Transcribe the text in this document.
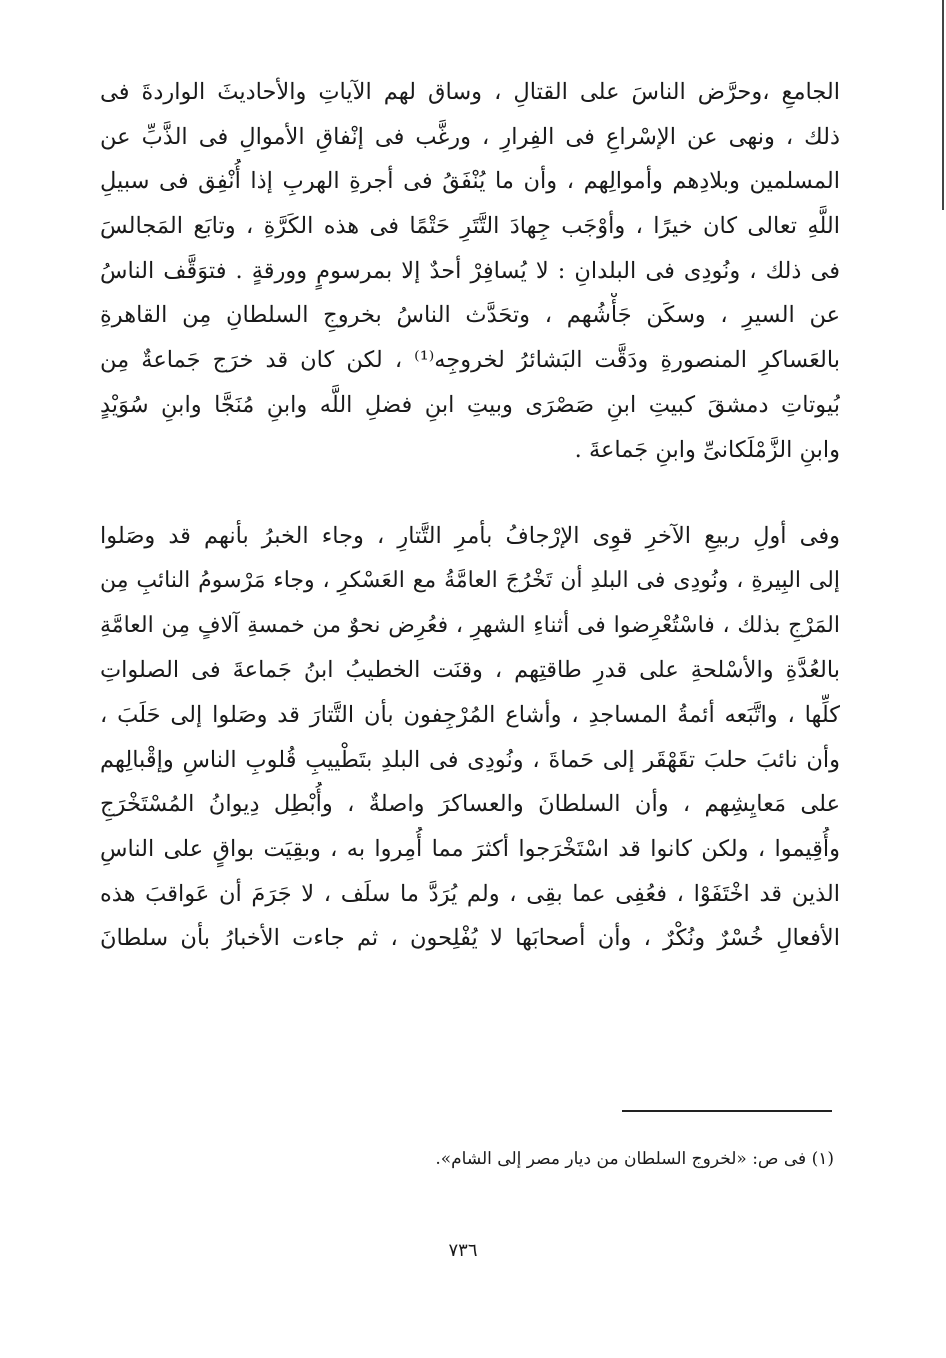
الجامعِ ،وحرَّض الناسَ على القتالِ ، وساق لهم الآياتِ والأحاديثَ الواردةَ فى
ذلك ، ونهى عن الإسْراعِ فى الفِرارِ ، ورغَّب فى إنْفاقِ الأموالِ فى الذَّبِّ عن
المسلمين وبلادِهم وأموالِهم ، وأن ما يُنْفَقُ فى أجرةِ الهربِ إذا أُنْفِق فى سبيلِ
اللَّهِ تعالى كان خيرًا ، وأوْجَب جِهادَ التَّتَرِ حَتْمًا فى هذه الكَرَّةِ ، وتابَع المَجالسَ
فى ذلك ، ونُودِى فى البلدانِ : لا يُسافِرْ أحدٌ إلا بمرسومٍ وورقةٍ . فتوَقَّف الناسُ
عن السيرِ ، وسكَن جَأْشُهم ، وتحَدَّث الناسُ بخروجِ السلطانِ مِن القاهرةِ
بالعَساكرِ المنصورةِ ودَقَّت البَشائرُ لخروجِه⁽¹⁾ ، لكن كان قد خرَج جَماعةٌ مِن
بُيوتاتِ دمشقَ كبيتِ ابنِ صَصْرَى وبيتِ ابنِ فضلِ اللَّه وابنِ مُنَجَّا وابنِ سُوَيْدٍ
وابنِ الزَّمْلَكانىِّ وابنِ جَماعةَ .
وفى أولِ ربيعِ الآخرِ قوِى الإرْجافُ بأمرِ التَّتارِ ، وجاء الخبرُ بأنهم قد وصَلوا
إلى البِيرةِ ، ونُودِى فى البلدِ أن تَخْرُجَ العامَّةُ مع العَسْكرِ ، وجاء مَرْسومُ النائبِ مِن
المَرْجِ بذلك ، فاسْتُعْرِضوا فى أثناءِ الشهرِ ، فعُرِض نحوٌ من خمسةِ آلافٍ مِن العامَّةِ
بالعُدَّةِ والأسْلحةِ على قدرِ طاقتِهم ، وقنَت الخطيبُ ابنُ جَماعةَ فى الصلواتِ
كلِّها ، واتَّبَعه أئمةُ المساجدِ ، وأشاع المُرْجِفون بأن التَّتارَ قد وصَلوا إلى حَلَبَ ،
وأن نائبَ حلبَ تقَهْقَر إلى حَماةَ ، ونُودِى فى البلدِ بتَطْييبِ قُلوبِ الناسِ وإقْبالِهم
على مَعايِشِهم ، وأن السلطانَ والعساكرَ واصلةٌ ، وأُبْطِل دِيوانُ المُسْتَخْرَجِ
وأُقِيموا ، ولكن كانوا قد اسْتَخْرَجوا أكثرَ مما أُمِروا به ، وبقِيَت بواقٍ على الناسِ
الذين قد اخْتَفَوْا ، فعُفِى عما بقِى ، ولم يُرَدَّ ما سلَف ، لا جَرَمَ أن عَواقبَ هذه
الأفعالِ خُسْرٌ ونُكْرٌ ، وأن أصحابَها لا يُفْلِحون ، ثم جاءت الأخبارُ بأن سلطانَ
(١) فى ص: «لخروج السلطان من ديار مصر إلى الشام».
٧٣٦
